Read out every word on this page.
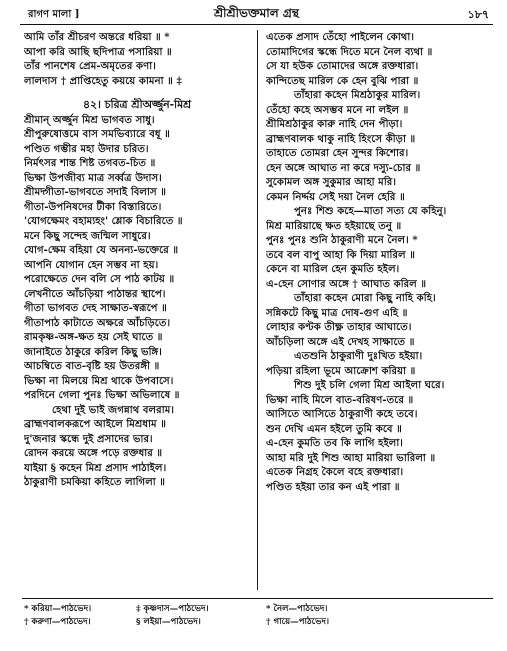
রাগণ মালা ]	শ্রীশ্রীভক্তমাল গ্রন্থ	১৮৭
আমি তাঁর শ্রীচরণ অন্তরে ধরিয়া ॥ *
আপা করি আছি ছদিপাত্র পসারিয়া ॥
তাঁর পানশেষ প্রেম-অমৃতের কণা।
লালদাস † প্রাপ্তিহেতু কয়য়ে কামনা ॥ ‡
৪২। চরিত্র শ্রীঅর্জ্জুন-মিশ্র
শ্রীমান্ অর্জ্জুন মিশ্র ভাগবত সাধু।
শ্রীপুরুষোত্তমে বাস সমভিব্যারে বধূ ॥
পণ্ডিত গম্ভীর মহা উদার চরিত।
নির্মৎসর শান্ত শিষ্ট তগবত-চিত ॥
ভিক্ষা উপজীব্য মাত্র সর্ব্বত্র উদাস।
শ্রীমদ্গীতা-ভাগবতে সদাই বিলাস ॥
গীতা-উপনিষদের টীকা বিস্তারিতে।
'যোগক্ষেমং বহাম্যহং' শ্লোক বিচারিতে ॥
মনে কিছু সন্দেহ জন্মিল সাধুরে।
যোগ-ক্ষেম বহিয়া যে অনন্য-ভক্তেরে ॥
আপনি যোগান হেন সম্ভব না হয়।
পরোক্ষেতে দেন বলি সে পাঠ কাটয় ॥
লেখনীতে আঁচড়িয়া পাঠান্তর স্থাপে।
গীতা ভাগবত দেহ সাক্ষাত-স্বরূপে ॥
গীতাপাঠ কাটাতে অক্ষরে আঁচড়িতে।
রামকৃষ্ণ-অঙ্গ-ক্ষত হয় সেই ঘাতে ॥
জানাইতে ঠাকুরে করিল কিছু ভঙ্গি।
আচম্বিতে বাত-বৃষ্টি হয় উতরঙ্গী ॥
ভিক্ষা না মিলয়ে মিশ্র থাকে উপবাসে।
পরদিনে গেলা পুনঃ ভিক্ষা অভিলাষে ॥
হেথা দুই ভাই জগন্নাথ বলরাম।
ব্রাহ্মণবালকরূপে আইলে মিশ্রধাম ॥
দু'জনার স্কন্ধে দুই প্রসাদের ভার।
রোদন করয়ে অঙ্গে পড়ে রক্তধার ॥
যাইয়া § কহেন মিশ্র প্রসাদ পাঠাইল।
ঠাকুরাণী চমকিয়া কহিতে লাগিলা ॥
এতেক প্রসাদ তেঁহো পাইলেন কোথা।
তোমাদিগের স্কন্ধে দিতে মনে নৈল ব্যথা ॥
সে যা হউক তোমাদের অঙ্গে রক্তধারা।
কান্দিতেছ মারিল কে হেন বুঝি পারা ॥
তাঁহারা কহেন মিশ্রঠাকুর মারিল।
তেঁহো কহে অসম্ভব মনে না লইল ॥
শ্রীমিশ্রঠাকুর কারু নাহি দেন পীড়া।
ব্রাহ্মণবালক থাকু নাহি হিংসে কীড়া ॥
তাহাতে তোমরা হেন সুন্দর কিশোর।
হেন অঙ্গে আঘাত না করে দস্যু-চোর ॥
সুকোমল অঙ্গ সুকুমার আহা মরি।
কেমন নির্দ্দয় সেই দয়া নৈল হেরি ॥
পুনঃ শিশু কহে—মাতা সত্য যে কহিনু।
মিশ্র মারিয়াছে ক্ষত হইয়াছে তনু ॥
পুনঃ পুনঃ শুনি ঠাকুরাণী মনে নৈল। *
তবে বল বাপু আহা কি দিয়া মারিল ॥
কেনে বা মারিল হেন কুমতি হইল।
এ-হেন সোণার অঙ্গে † আঘাত করিল ॥
তাঁহারা কহেন মোরা কিছু নাহি কহি।
সন্নিকটে কিছু মাত্র দোষ-গুণ এহি ॥
লোহার কণ্টক তীক্ষ্ণ তাহার আঘাতে।
আঁচড়িলা অঙ্গে এই দেখহ সাক্ষাতে ॥
এতশুনি ঠাকুরাণী দুঃখিত হইয়া।
পড়িয়া রহিলা ভূমে আক্রোশ করিয়া ॥
শিশু দুই চলি গেলা মিশ্র আইলা ঘরে।
ভিক্ষা নাহি মিলে বাত-বরিষণ-তরে ॥
আসিতে আসিতে ঠাকুরাণী কহে তবে।
শুন দেখি এমন হইলে তুমি কবে ॥
এ-হেন কুমতি তব কি লাগি হইলা।
আহা মরি দুই শিশু আহা মারিয়া ভারিলা ॥
এতেক নিগ্রহ কৈলে বহে রক্তধারা।
পণ্ডিত হইয়া তার কন এই পারা ॥
* করিয়া—পাঠভেদ।	‡ কৃষ্ণদাস—পাঠভেদ।
† করুণা—পাঠভেদ।	§ লইয়া—পাঠভেদ।
* নৈল—পাঠভেদ।
† গায়ে—পাঠভেদ।
